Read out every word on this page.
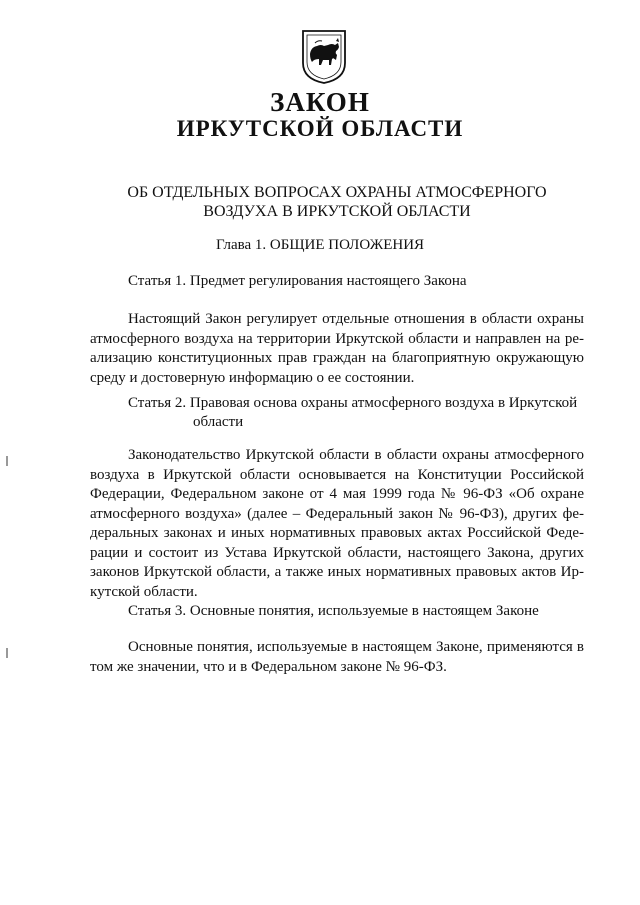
ЗАКОН
ИРКУТСКОЙ ОБЛАСТИ

ОБ ОТДЕЛЬНЫХ ВОПРОСАХ ОХРАНЫ АТМОСФЕРНОГО ВОЗДУХА В ИРКУТСКОЙ ОБЛАСТИ

Глава 1. ОБЩИЕ ПОЛОЖЕНИЯ

Статья 1. Предмет регулирования настоящего Закона

Настоящий Закон регулирует отдельные отношения в области охраны атмосферного воздуха на территории Иркутской области и направлен на ре-ализацию конституционных прав граждан на благоприятную окружающую среду и достоверную информацию о ее состоянии.

Статья 2. Правовая основа охраны атмосферного воздуха в Иркутской

области

Законодательство Иркутской области в области охраны атмосферного воздуха в Иркутской области основывается на Конституции Российской Федерации, Федеральном законе от 4 мая 1999 года № 96-ФЗ «Об охране атмосферного воздуха» (далее – Федеральный закон № 96-ФЗ), других фе-деральных законах и иных нормативных правовых актах Российской Феде-рации и состоит из Устава Иркутской области, настоящего Закона, других законов Иркутской области, а также иных нормативных правовых актов Ир-кутской области.

Статья 3. Основные понятия, используемые в настоящем Законе

Основные понятия, используемые в настоящем Законе, применяются в том же значении, что и в Федеральном законе № 96-ФЗ.
